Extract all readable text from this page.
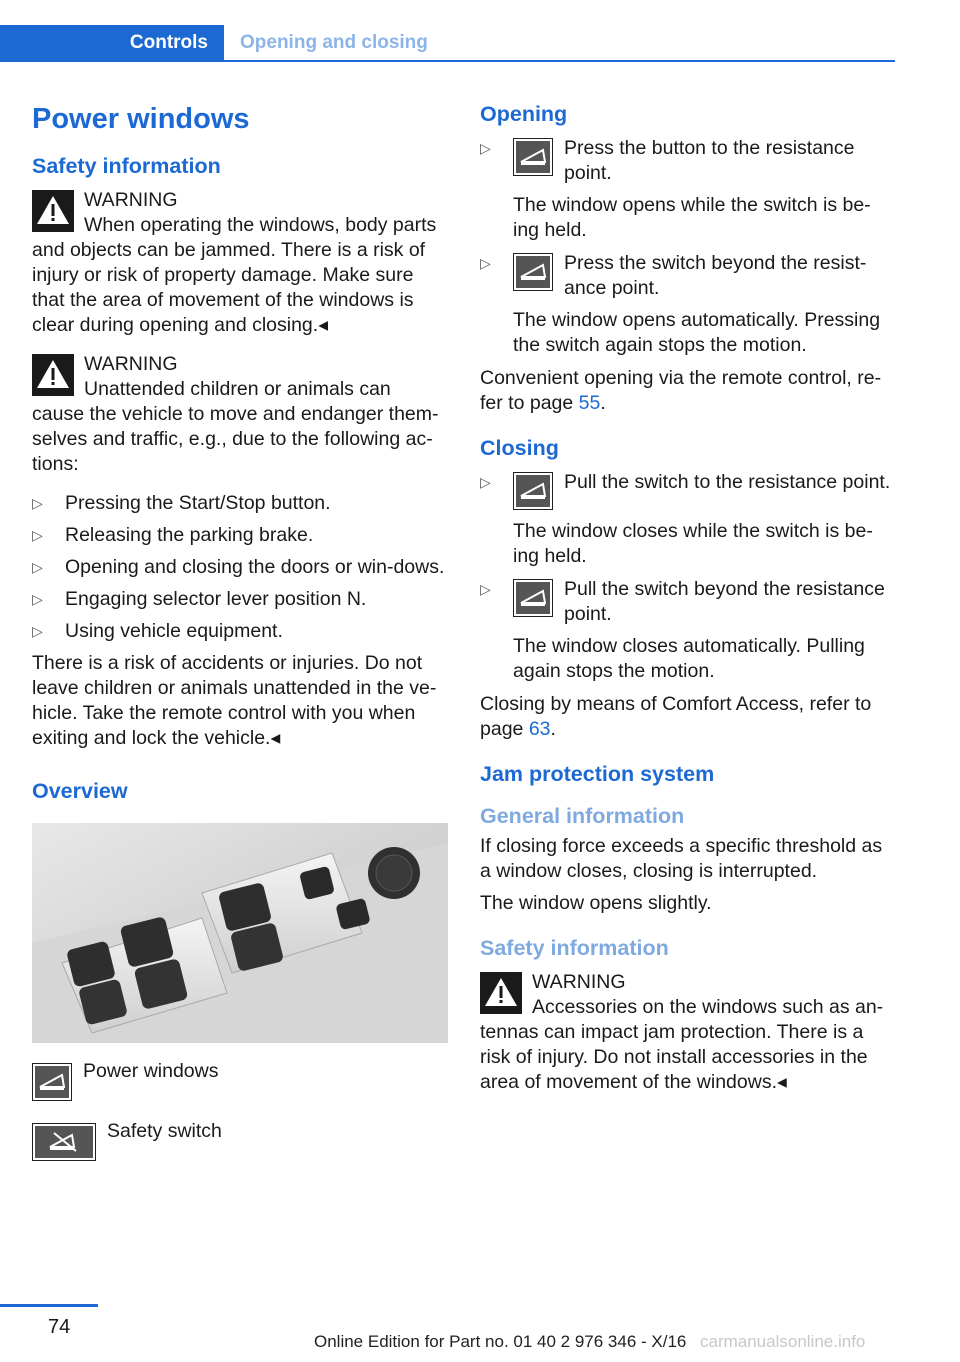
Controls	Opening and closing
Power windows
Safety information
WARNING
When operating the windows, body parts and objects can be jammed. There is a risk of injury or risk of property damage. Make sure that the area of movement of the windows is clear during opening and closing.◂
WARNING
Unattended children or animals can cause the vehicle to move and endanger them-selves and traffic, e.g., due to the following ac-tions:
▷ Pressing the Start/Stop button.
▷ Releasing the parking brake.
▷ Opening and closing the doors or win-dows.
▷ Engaging selector lever position N.
▷ Using vehicle equipment.

There is a risk of accidents or injuries. Do not leave children or animals unattended in the ve-hicle. Take the remote control with you when exiting and lock the vehicle.◂

Overview
Power windows
Safety switch
Opening
▷	Press the button to the resistance point.
The window opens while the switch is be-ing held.
▷	Press the switch beyond the resist-ance point.
The window opens automatically. Pressing the switch again stops the motion.

Convenient opening via the remote control, re-fer to page 55.

Closing
▷	Pull the switch to the resistance point.
The window closes while the switch is be-ing held.
▷	Pull the switch beyond the resistance point.
The window closes automatically. Pulling again stops the motion.

Closing by means of Comfort Access, refer to page 63.

Jam protection system
General information

If closing force exceeds a specific threshold as a window closes, closing is interrupted.

The window opens slightly.

Safety information
WARNING
Accessories on the windows such as an-tennas can impact jam protection. There is a risk of injury. Do not install accessories in the area of movement of the windows.◂
74
Online Edition for Part no. 01 40 2 976 346 - X/16 carmanualsonline.info
